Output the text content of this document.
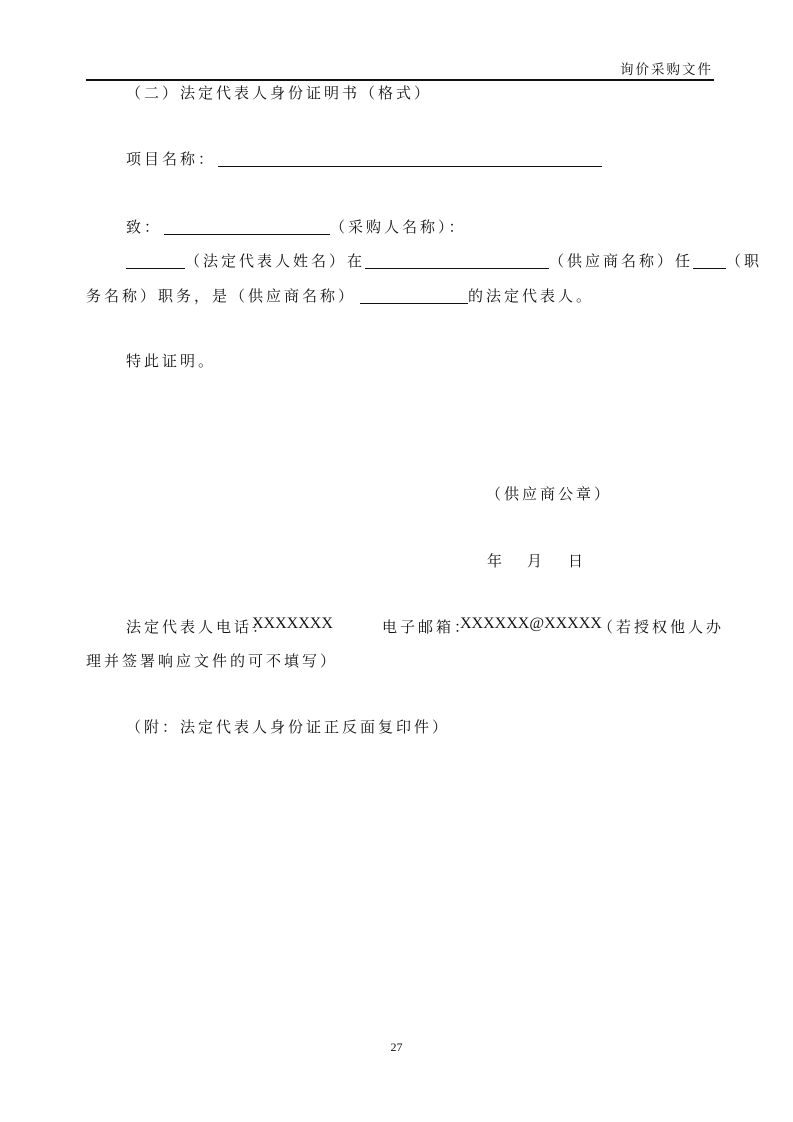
询价采购文件
（二）法定代表人身份证明书（格式）
项目名称：
致：	（采购人名称）：
（法定代表人姓名）在	（供应商名称）任 （职
务名称）职务，是（供应商名称）	的法定代表人。
特此证明。
（供应商公章）
年 月 日
法定代表人电话：
XXXXXXX	电子邮箱：
XXXXXX@XXXXX
（若授权他人办
理并签署响应文件的可不填写）
（附：法定代表人身份证正反面复印件）
27
